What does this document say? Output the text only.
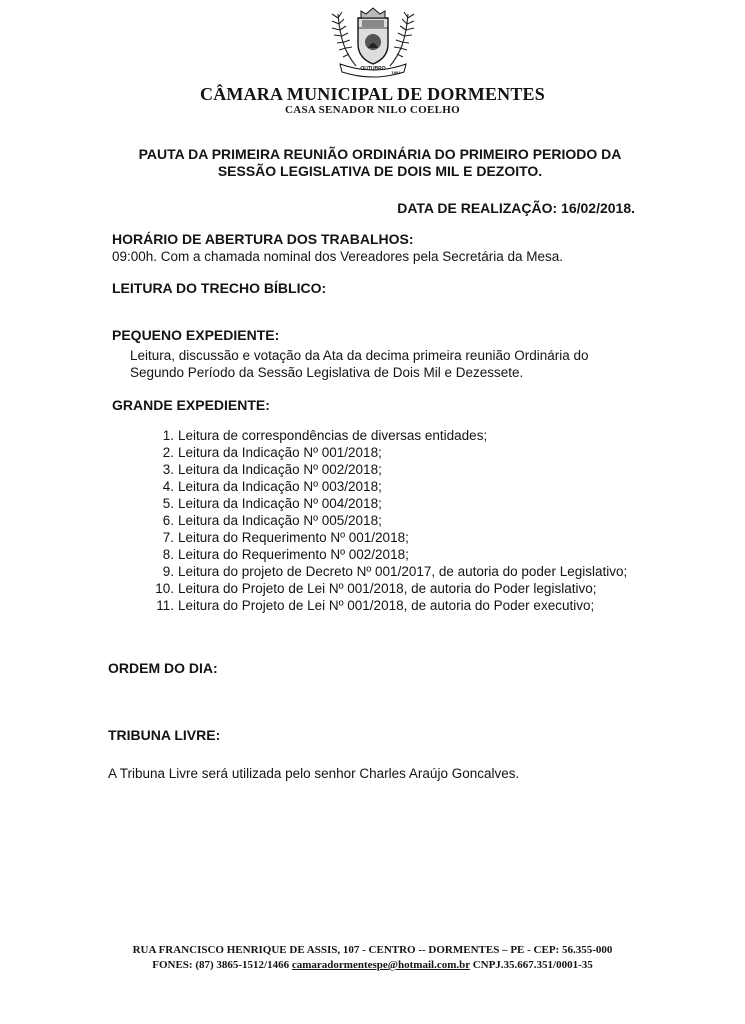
OUTUBRO
1991
CÂMARA MUNICIPAL DE DORMENTES
CASA SENADOR NILO COELHO
PAUTA DA PRIMEIRA REUNIÃO ORDINÁRIA DO PRIMEIRO PERIODO DA
SESSÃO LEGISLATIVA DE DOIS MIL E DEZOITO.
DATA DE REALIZAÇÃO: 16/02/2018.
HORÁRIO DE ABERTURA DOS TRABALHOS:
09:00h. Com a chamada nominal dos Vereadores pela Secretária da Mesa.
LEITURA DO TRECHO BÍBLICO:
PEQUENO EXPEDIENTE:
Leitura, discussão e votação da Ata da decima primeira reunião Ordinária do
Segundo Período da Sessão Legislativa de Dois Mil e Dezessete.
GRANDE EXPEDIENTE:
1. Leitura de correspondências de diversas entidades;
2. Leitura da Indicação Nº 001/2018;
3. Leitura da Indicação Nº 002/2018;
4. Leitura da Indicação Nº 003/2018;
5. Leitura da Indicação Nº 004/2018;
6. Leitura da Indicação Nº 005/2018;
7. Leitura do Requerimento Nº 001/2018;
8. Leitura do Requerimento Nº 002/2018;
9. Leitura do projeto de Decreto Nº 001/2017, de autoria do poder Legislativo;
10. Leitura do Projeto de Lei Nº 001/2018, de autoria do Poder legislativo;
11. Leitura do Projeto de Lei Nº 001/2018, de autoria do Poder executivo;
ORDEM DO DIA:
TRIBUNA LIVRE:
A Tribuna Livre será utilizada pelo senhor Charles Araújo Goncalves.
RUA FRANCISCO HENRIQUE DE ASSIS, 107 - CENTRO -- DORMENTES – PE - CEP: 56.355-000
FONES: (87) 3865-1512/1466 camaradormentespe@hotmail.com.br CNPJ.35.667.351/0001-35
